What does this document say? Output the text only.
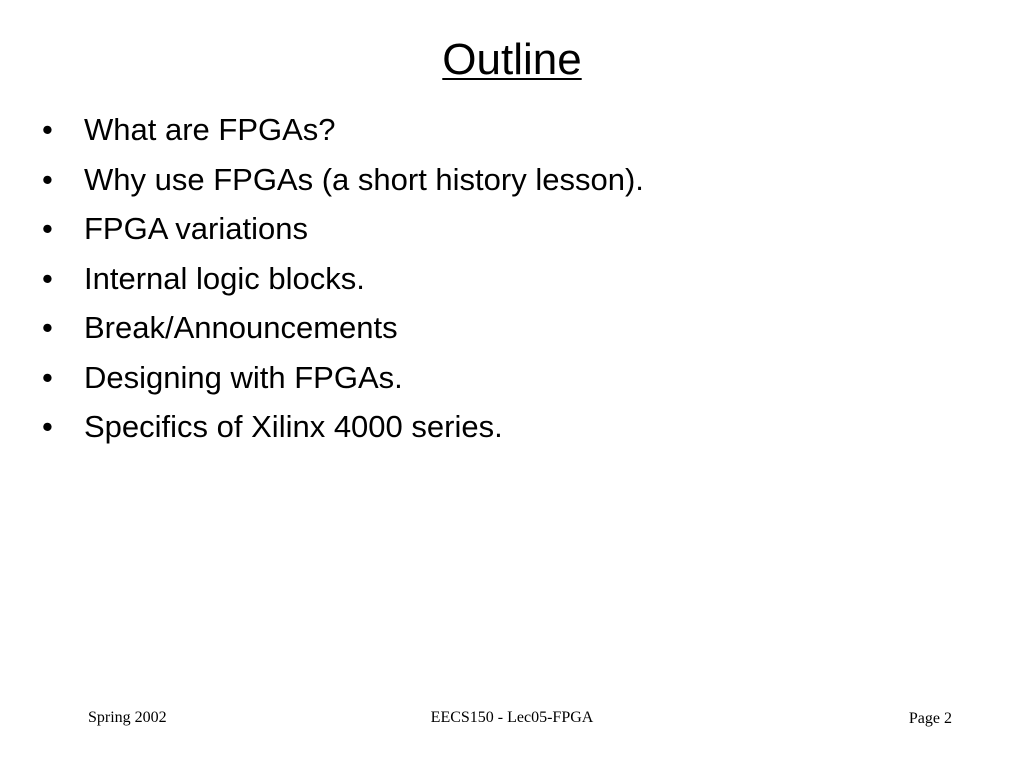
Outline
• What are FPGAs?
• Why use FPGAs (a short history lesson).
• FPGA variations
• Internal logic blocks.
• Break/Announcements
• Designing with FPGAs.
• Specifics of Xilinx 4000 series.
Spring 2002	EECS150 - Lec05-FPGA	Page 2
